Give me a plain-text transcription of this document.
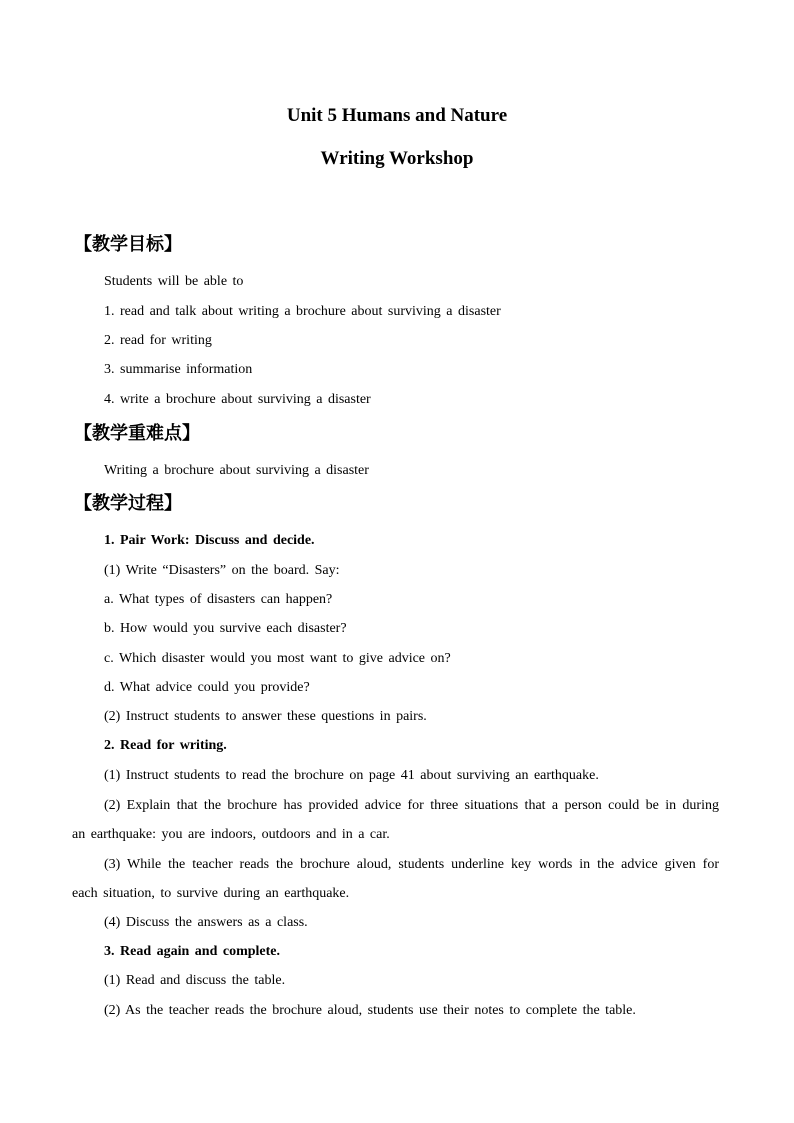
Unit 5 Humans and Nature
Writing Workshop
【教学目标】
Students will be able to
1. read and talk about writing a brochure about surviving a disaster
2. read for writing
3. summarise information
4. write a brochure about surviving a disaster
【教学重难点】
Writing a brochure about surviving a disaster
【教学过程】
1. Pair Work: Discuss and decide.
(1) Write “Disasters” on the board. Say:
a. What types of disasters can happen?
b. How would you survive each disaster?
c. Which disaster would you most want to give advice on?
d. What advice could you provide?
(2) Instruct students to answer these questions in pairs.
2. Read for writing.
(1) Instruct students to read the brochure on page 41 about surviving an earthquake.
(2) Explain that the brochure has provided advice for three situations that a person could be in during an earthquake: you are indoors, outdoors and in a car.
(3) While the teacher reads the brochure aloud, students underline key words in the advice given for each situation, to survive during an earthquake.
(4) Discuss the answers as a class.
3. Read again and complete.
(1) Read and discuss the table.
(2) As the teacher reads the brochure aloud, students use their notes to complete the table.
